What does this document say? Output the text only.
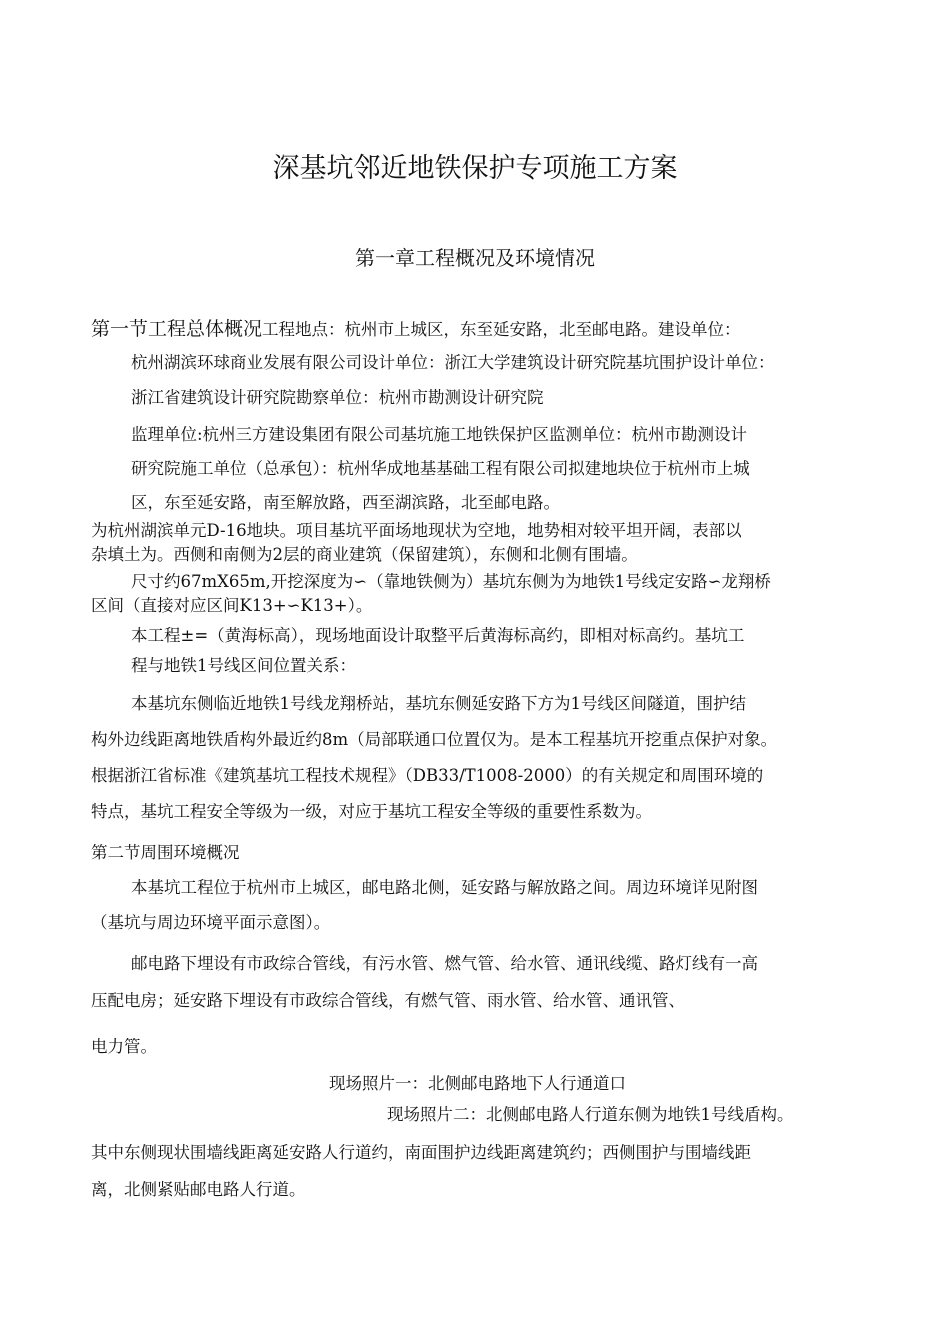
深基坑邻近地铁保护专项施工方案
第一章工程概况及环境情况
第一节工程总体概况工程地点：杭州市上城区，东至延安路，北至邮电路。建设单位：
杭州湖滨环球商业发展有限公司设计单位：浙江大学建筑设计研究院基坑围护设计单位：
浙江省建筑设计研究院勘察单位：杭州市勘测设计研究院
监理单位:杭州三方建设集团有限公司基坑施工地铁保护区监测单位：杭州市勘测设计
研究院施工单位（总承包）：杭州华成地基基础工程有限公司拟建地块位于杭州市上城
区，东至延安路，南至解放路，西至湖滨路，北至邮电路。
为杭州湖滨单元D-16地块。项目基坑平面场地现状为空地，地势相对较平坦开阔，表部以
杂填土为。西侧和南侧为2层的商业建筑（保留建筑），东侧和北侧有围墙。
尺寸约67mX65m,开挖深度为∽（靠地铁侧为）基坑东侧为为地铁1号线定安路∽龙翔桥
区间（直接对应区间K13+∽K13+）。
本工程±=（黄海标高），现场地面设计取整平后黄海标高约，即相对标高约。基坑工
程与地铁1号线区间位置关系：
本基坑东侧临近地铁1号线龙翔桥站，基坑东侧延安路下方为1号线区间隧道，围护结
构外边线距离地铁盾构外最近约8m（局部联通口位置仅为。是本工程基坑开挖重点保护对象。
根据浙江省标准《建筑基坑工程技术规程》（DB33/T1008-2000）的有关规定和周围环境的
特点，基坑工程安全等级为一级，对应于基坑工程安全等级的重要性系数为。
第二节周围环境概况
本基坑工程位于杭州市上城区，邮电路北侧，延安路与解放路之间。周边环境详见附图
（基坑与周边环境平面示意图）。
邮电路下埋设有市政综合管线，有污水管、燃气管、给水管、通讯线缆、路灯线有一高
压配电房；延安路下埋设有市政综合管线，有燃气管、雨水管、给水管、通讯管、
电力管。
现场照片一：北侧邮电路地下人行通道口
现场照片二：北侧邮电路人行道东侧为地铁1号线盾构。
其中东侧现状围墙线距离延安路人行道约，南面围护边线距离建筑约；西侧围护与围墙线距
离，北侧紧贴邮电路人行道。
